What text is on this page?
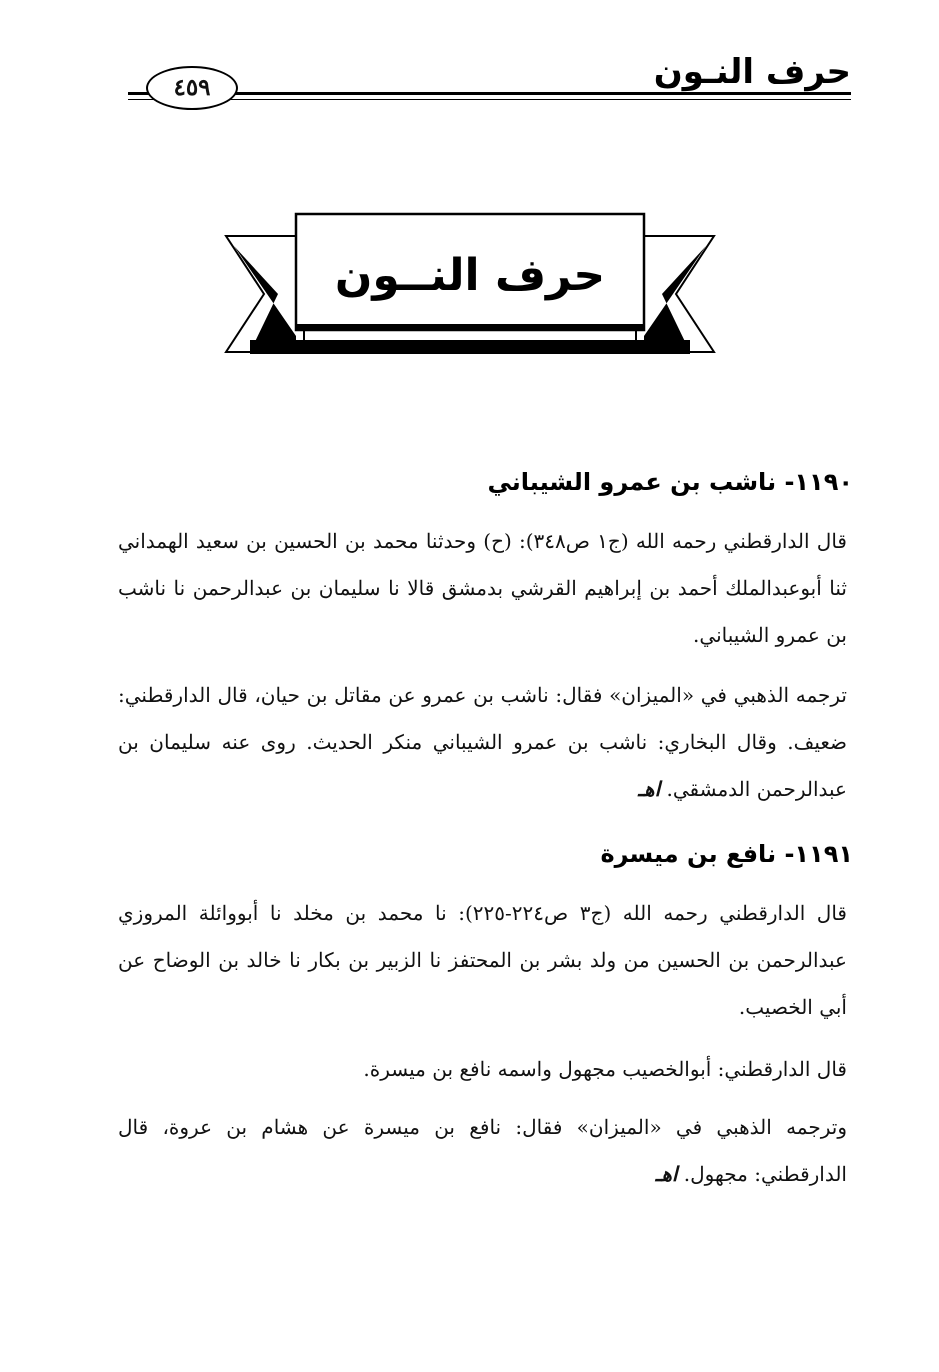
حرف النـون
٤٥٩
حرف النــون
١١٩٠- ناشب بن عمرو الشيباني
قال الدارقطني رحمه الله (ج١ ص٣٤٨): (ح) وحدثنا محمد بن الحسين بن سعيد الهمداني ثنا أبوعبدالملك أحمد بن إبراهيم القرشي بدمشق قالا نا سليمان بن عبدالرحمن نا ناشب بن عمرو الشيباني.
ترجمه الذهبي في «الميزان» فقال: ناشب بن عمرو عن مقاتل بن حيان، قال الدارقطني: ضعيف. وقال البخاري: ناشب بن عمرو الشيباني منكر الحديث. روى عنه سليمان بن عبدالرحمن الدمشقي. اهـ
١١٩١- نافع بن ميسرة
قال الدارقطني رحمه الله (ج٣ ص٢٢٤-٢٢٥): نا محمد بن مخلد نا أبووائلة المروزي عبدالرحمن بن الحسين من ولد بشر بن المحتفز نا الزبير بن بكار نا خالد بن الوضاح عن أبي الخصيب.
قال الدارقطني: أبوالخصيب مجهول واسمه نافع بن ميسرة.
وترجمه الذهبي في «الميزان» فقال: نافع بن ميسرة عن هشام بن عروة، قال الدارقطني: مجهول. اهـ
